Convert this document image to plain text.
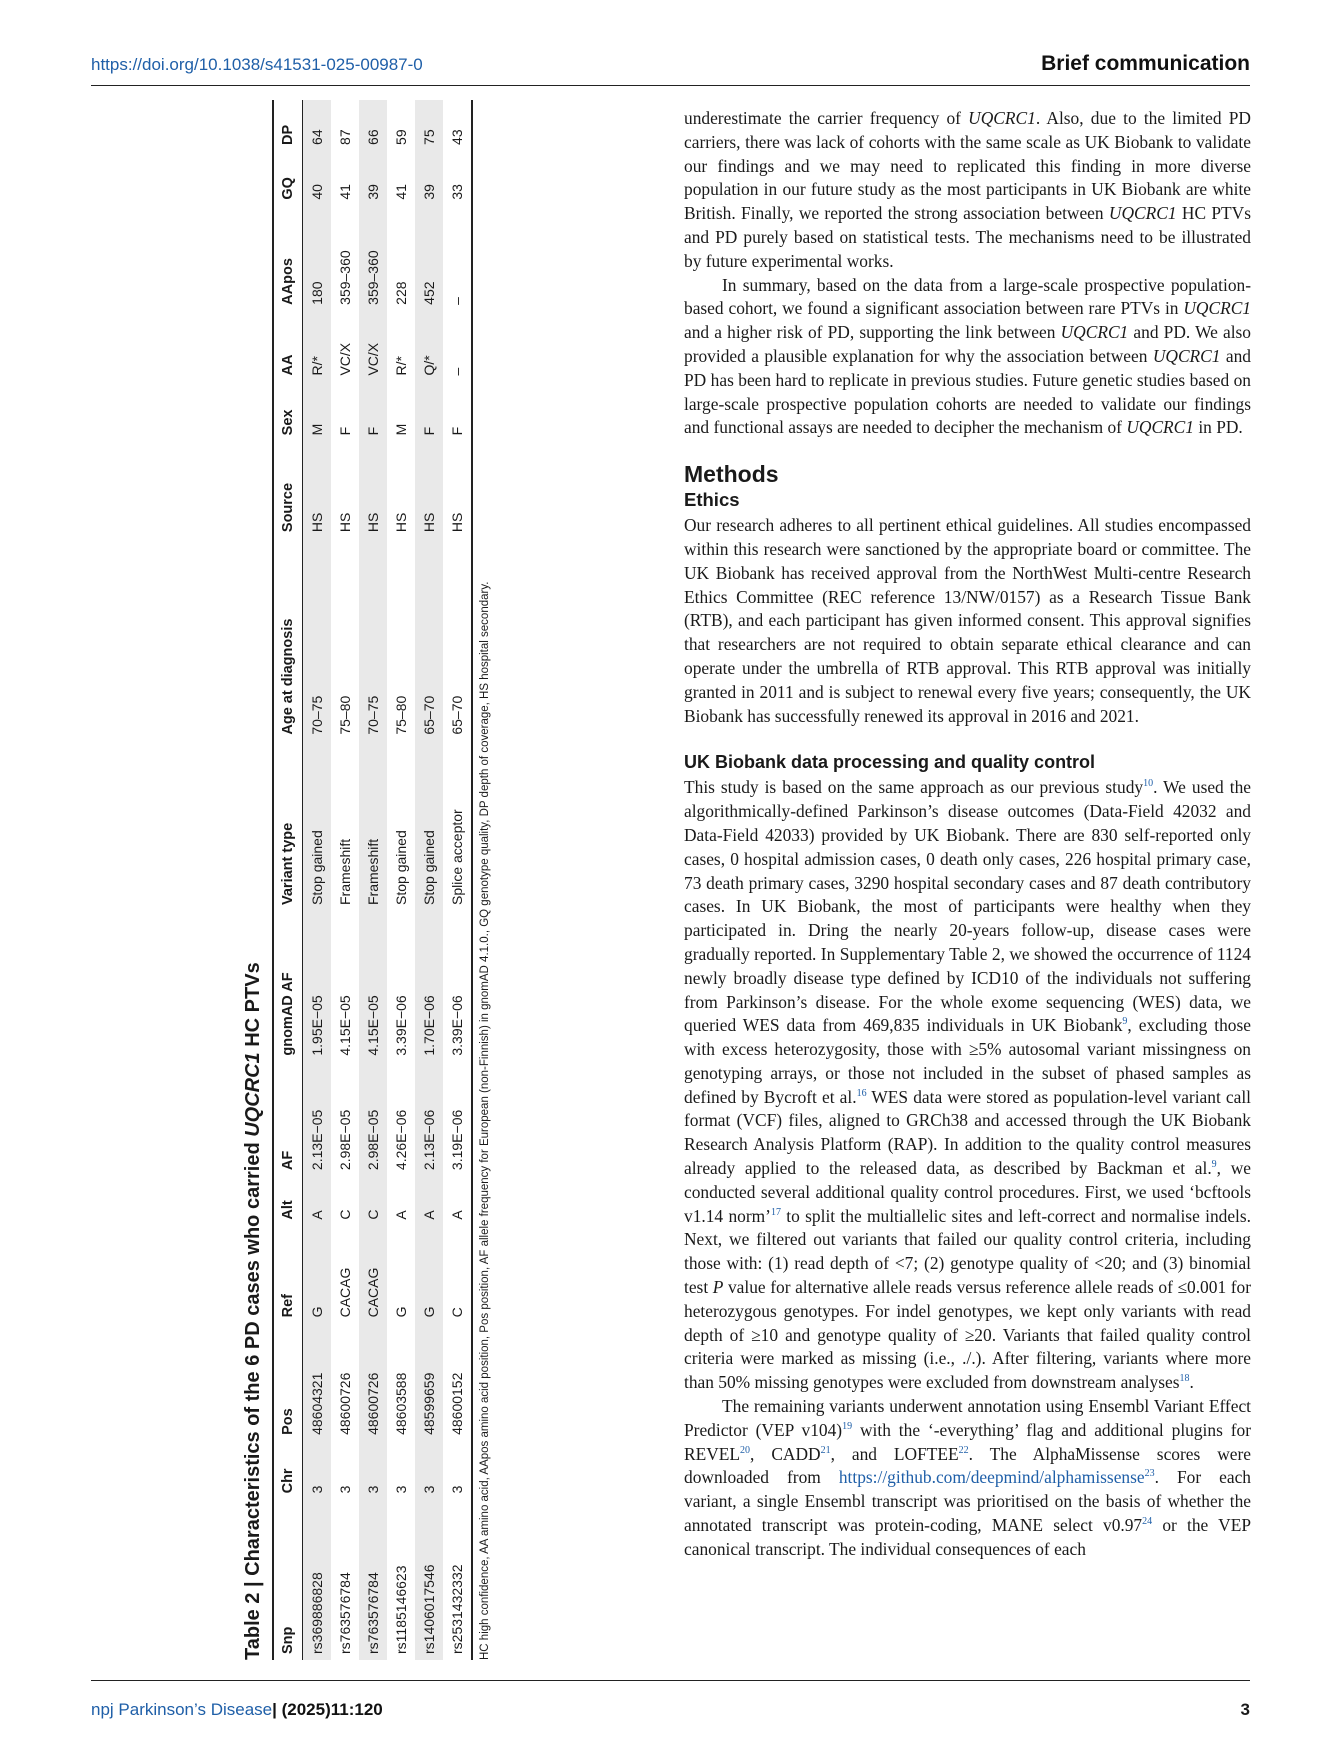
https://doi.org/10.1038/s41531-025-00987-0	Brief communication
Table 2 | Characteristics of the 6 PD cases who carried UQCRC1 HC PTVs
Snp	Chr	Pos	Ref	Alt	AF	gnomAD AF	Variant type	Age at diagnosis	Source	Sex	AA	AApos	GQ	DP
rs369886828	3	48604321	G	A	2.13E−05	1.95E−05	Stop gained	70–75	HS	M	R/*	180	40	64
rs763576784	3	48600726	CACAG	C	2.98E−05	4.15E−05	Frameshift	75–80	HS	F	VC/X	359–360	41	87
rs763576784	3	48600726	CACAG	C	2.98E−05	4.15E−05	Frameshift	70–75	HS	F	VC/X	359–360	39	66
rs1185146623	3	48603588	G	A	4.26E−06	3.39E−06	Stop gained	75–80	HS	M	R/*	228	41	59
rs1406017546	3	48599659	G	A	2.13E−06	1.70E−06	Stop gained	65–70	HS	F	Q/*	452	39	75
rs2531432332	3	48600152	C	A	3.19E−06	3.39E−06	Splice acceptor	65–70	HS	F	–	–	33	43
HC high confidence, AA amino acid, AApos amino acid position, Pos position, AF allele frequency for European (non-Finnish) in gnomAD 4.1.0., GQ genotype quality, DP depth of coverage, HS hospital secondary.

underestimate the carrier frequency of UQCRC1. Also, due to the limited PD carriers, there was lack of cohorts with the same scale as UK Biobank to validate our findings and we may need to replicated this finding in more diverse population in our future study as the most participants in UK Biobank are white British. Finally, we reported the strong association between UQCRC1 HC PTVs and PD purely based on statistical tests. The mechanisms need to be illustrated by future experimental works.

In summary, based on the data from a large-scale prospective population-based cohort, we found a significant association between rare PTVs in UQCRC1 and a higher risk of PD, supporting the link between UQCRC1 and PD. We also provided a plausible explanation for why the association between UQCRC1 and PD has been hard to replicate in previous studies. Future genetic studies based on large-scale prospective population cohorts are needed to validate our findings and functional assays are needed to decipher the mechanism of UQCRC1 in PD.

Methods
Ethics

Our research adheres to all pertinent ethical guidelines. All studies encompassed within this research were sanctioned by the appropriate board or committee. The UK Biobank has received approval from the NorthWest Multi-centre Research Ethics Committee (REC reference 13/NW/0157) as a Research Tissue Bank (RTB), and each participant has given informed consent. This approval signifies that researchers are not required to obtain separate ethical clearance and can operate under the umbrella of RTB approval. This RTB approval was initially granted in 2011 and is subject to renewal every five years; consequently, the UK Biobank has successfully renewed its approval in 2016 and 2021.

UK Biobank data processing and quality control

This study is based on the same approach as our previous study$^{10}$. We used the algorithmically-defined Parkinson’s disease outcomes (Data-Field 42032 and Data-Field 42033) provided by UK Biobank. There are 830 self-reported only cases, 0 hospital admission cases, 0 death only cases, 226 hospital primary case, 73 death primary cases, 3290 hospital secondary cases and 87 death contributory cases. In UK Biobank, the most of participants were healthy when they participated in. Dring the nearly 20-years follow-up, disease cases were gradually reported. In Supplementary Table 2, we showed the occurrence of 1124 newly broadly disease type defined by ICD10 of the individuals not suffering from Parkinson’s disease. For the whole exome sequencing (WES) data, we queried WES data from 469,835 individuals in UK Biobank$^9$, excluding those with excess heterozygosity, those with ≥5% autosomal variant missingness on genotyping arrays, or those not included in the subset of phased samples as defined by Bycroft et al.$^{16}$ WES data were stored as population-level variant call format (VCF) files, aligned to GRCh38 and accessed through the UK Biobank Research Analysis Platform (RAP). In addition to the quality control measures already applied to the released data, as described by Backman et al.$^9$, we conducted several additional quality control procedures. First, we used ‘bcftools v1.14 norm’$^{17}$ to split the multiallelic sites and left-correct and normalise indels. Next, we filtered out variants that failed our quality control criteria, including those with: (1) read depth of <7; (2) genotype quality of <20; and (3) binomial test P value for alternative allele reads versus reference allele reads of ≤0.001 for heterozygous genotypes. For indel genotypes, we kept only variants with read depth of ≥10 and genotype quality of ≥20. Variants that failed quality control criteria were marked as missing (i.e., ./.). After filtering, variants where more than 50% missing genotypes were excluded from downstream analyses$^{18}$.

The remaining variants underwent annotation using Ensembl Variant Effect Predictor (VEP v104)$^{19}$ with the ‘-everything’ flag and additional plugins for REVEL$^{20}$, CADD$^{21}$, and LOFTEE$^{22}$. The AlphaMissense scores were downloaded from https://github.com/deepmind/alphamissense$^{23}$. For each variant, a single Ensembl transcript was prioritised on the basis of whether the annotated transcript was protein-coding, MANE select v0.97$^{24}$ or the VEP canonical transcript. The individual consequences of each

npj Parkinson’s Disease| (2025)11:120	3
